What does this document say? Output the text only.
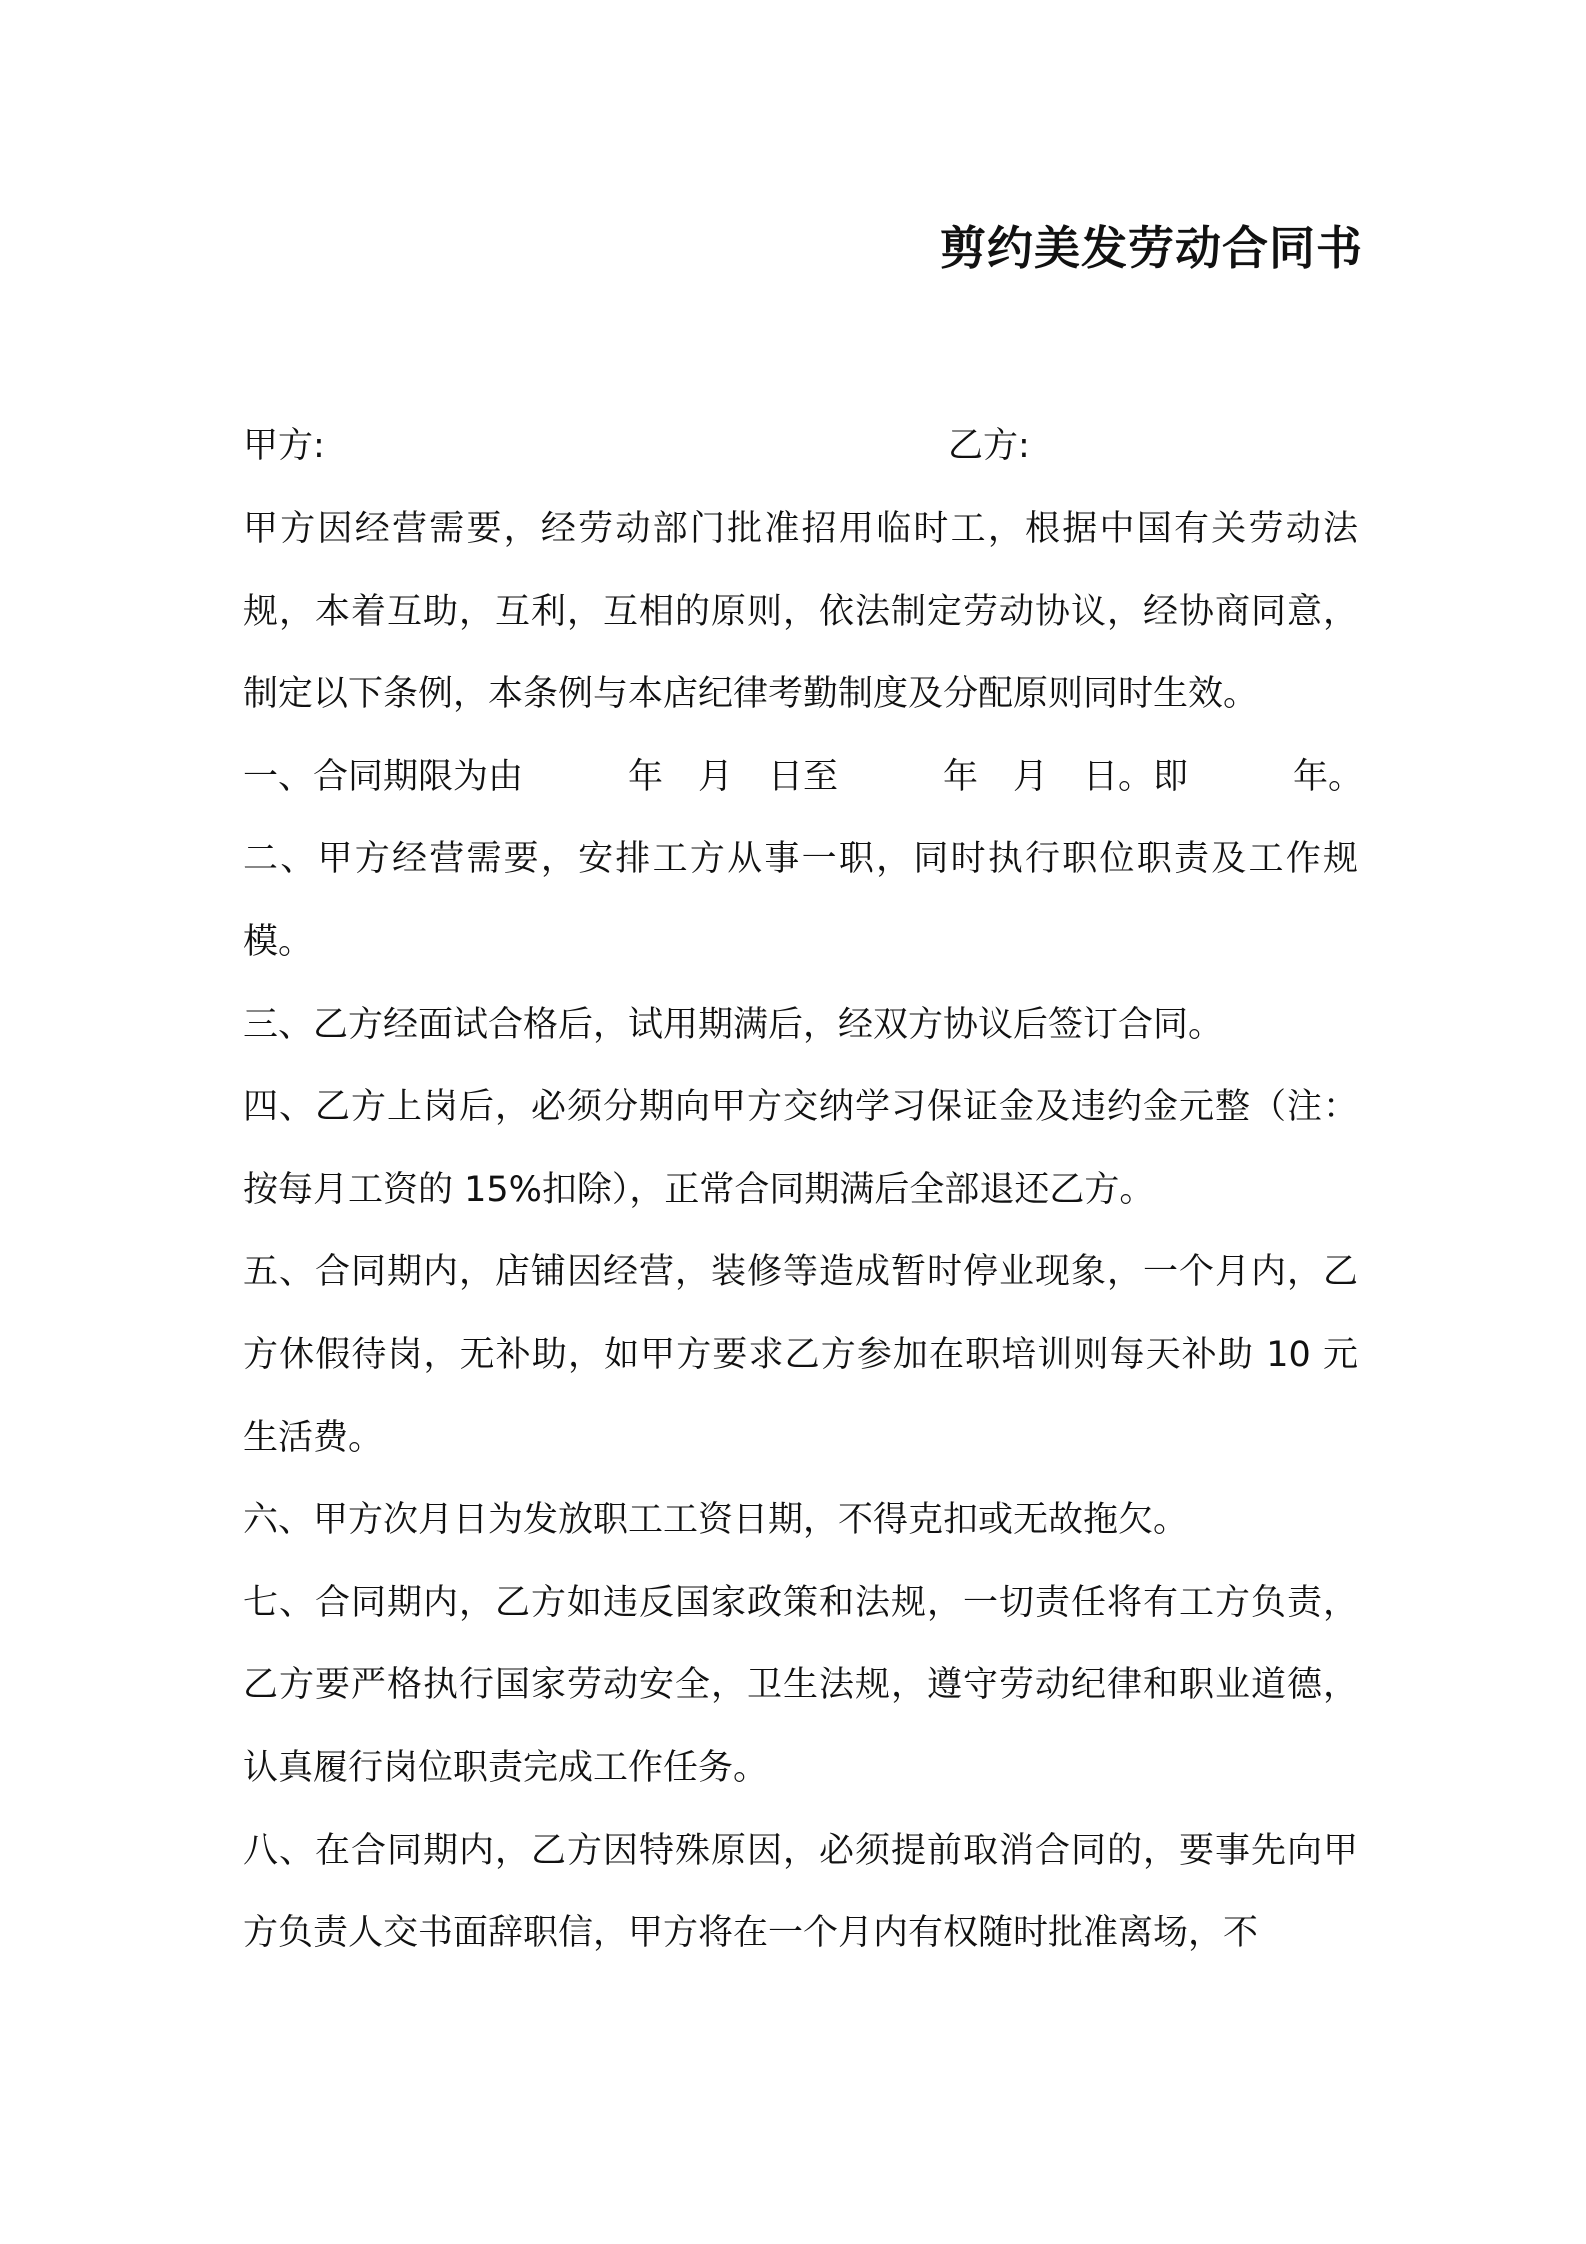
剪约美发劳动合同书
甲方:	乙方:

甲方因经营需要，经劳动部门批准招用临时工，根据中国有关劳动法规，本着互助，互利，互相的原则，依法制定劳动协议，经协商同意，制定以下条例，本条例与本店纪律考勤制度及分配原则同时生效。

一、合同期限为由　　　年　月　日至　　　年　月　日。即　　　年。

二、甲方经营需要，安排工方从事一职，同时执行职位职责及工作规模。

三、乙方经面试合格后，试用期满后，经双方协议后签订合同。

四、乙方上岗后，必须分期向甲方交纳学习保证金及违约金元整（注：按每月工资的 15%扣除），正常合同期满后全部退还乙方。

五、合同期内，店铺因经营，装修等造成暂时停业现象，一个月内，乙方休假待岗，无补助，如甲方要求乙方参加在职培训则每天补助 10 元生活费。

六、甲方次月日为发放职工工资日期，不得克扣或无故拖欠。

七、合同期内，乙方如违反国家政策和法规，一切责任将有工方负责，乙方要严格执行国家劳动安全，卫生法规，遵守劳动纪律和职业道德，认真履行岗位职责完成工作任务。

八、在合同期内，乙方因特殊原因，必须提前取消合同的，要事先向甲方负责人交书面辞职信，甲方将在一个月内有权随时批准离场，不
